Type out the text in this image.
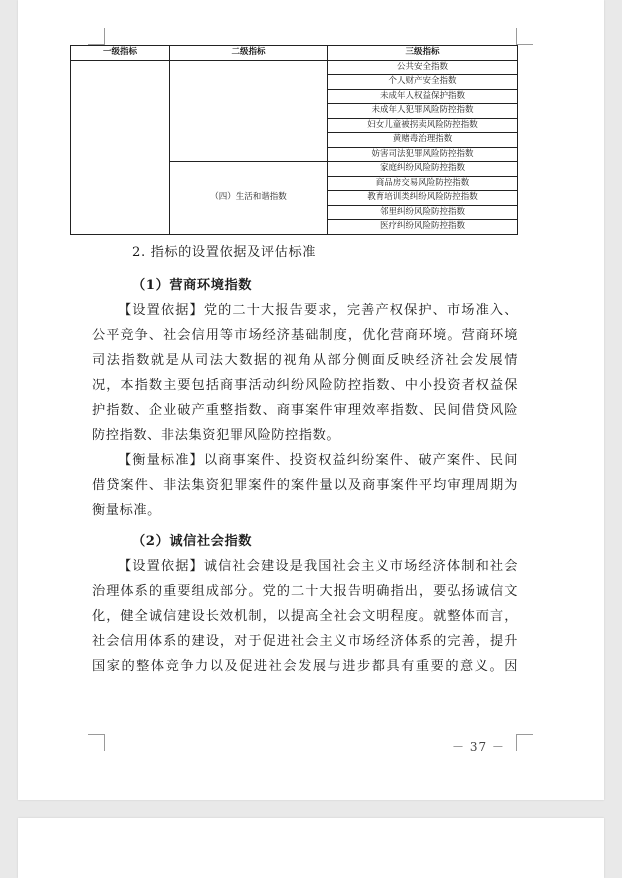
一级指标	二级指标	三级指标
		公共安全指数
		个人财产安全指数
		未成年人权益保护指数
		未成年人犯罪风险防控指数
		妇女儿童被拐卖风险防控指数
		黄赌毒治理指数
		妨害司法犯罪风险防控指数
	（四）生活和谐指数	家庭纠纷风险防控指数
		商品房交易风险防控指数
		教育培训类纠纷风险防控指数
		邻里纠纷风险防控指数
		医疗纠纷风险防控指数
2. 指标的设置依据及评估标准
（1）营商环境指数
【设置依据】党的二十大报告要求，完善产权保护、市场准入、
公平竞争、社会信用等市场经济基础制度，优化营商环境。营商环境
司法指数就是从司法大数据的视角从部分侧面反映经济社会发展情
况，本指数主要包括商事活动纠纷风险防控指数、中小投资者权益保
护指数、企业破产重整指数、商事案件审理效率指数、民间借贷风险
防控指数、非法集资犯罪风险防控指数。
【衡量标准】以商事案件、投资权益纠纷案件、破产案件、民间
借贷案件、非法集资犯罪案件的案件量以及商事案件平均审理周期为
衡量标准。
（2）诚信社会指数
【设置依据】诚信社会建设是我国社会主义市场经济体制和社会
治理体系的重要组成部分。党的二十大报告明确指出，要弘扬诚信文
化，健全诚信建设长效机制，以提高全社会文明程度。就整体而言，
社会信用体系的建设，对于促进社会主义市场经济体系的完善，提升
国家的整体竞争力以及促进社会发展与进步都具有重要的意义。因
－ 37 －
